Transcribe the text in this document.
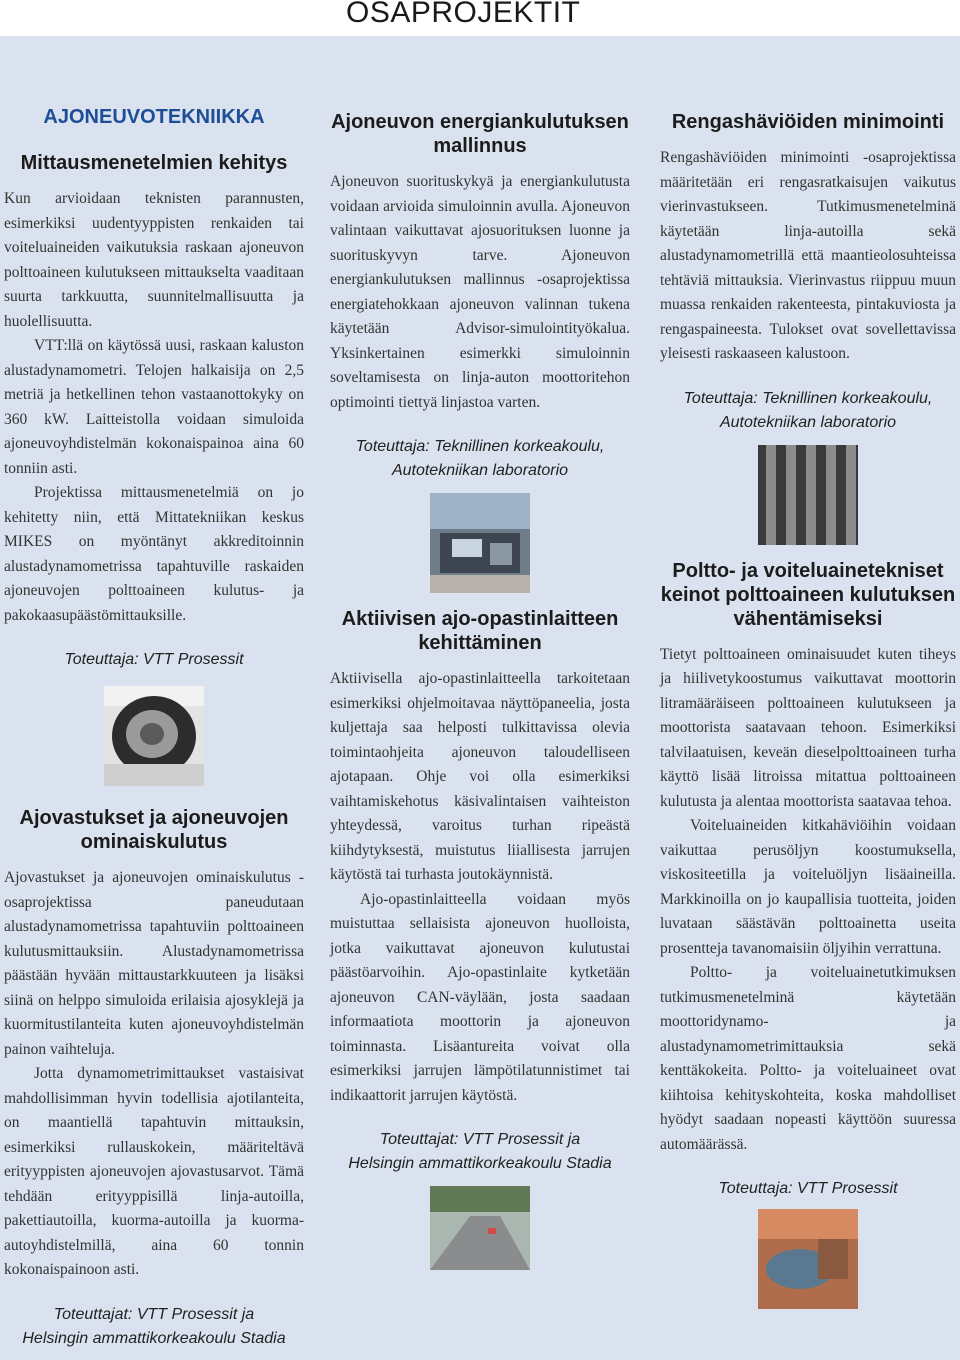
OSAPROJEKTIT
AJONEUVOTEKNIIKKA
Mittausmenetelmien kehitys

Kun arvioidaan teknisten parannusten, esimerkiksi uudentyyppisten renkaiden tai voiteluaineiden vaikutuksia raskaan ajoneuvon polttoaineen kulutukseen mittaukselta vaaditaan suurta tarkkuutta, suunnitelmallisuutta ja huolellisuutta.

VTT:llä on käytössä uusi, raskaan kaluston alustadynamometri. Telojen halkaisija on 2,5 metriä ja hetkellinen tehon vastaanottokyky on 360 kW. Laitteistolla voidaan simuloida ajoneuvoyhdistelmän kokonaispainoa aina 60 tonniin asti.

Projektissa mittausmenetelmiä on jo kehitetty niin, että Mittatekniikan keskus MIKES on myöntänyt akkreditoinnin alustadynamometrissa tapahtuville raskaiden ajoneuvojen polttoaineen kulutus- ja pakokaasupäästömittauksille.

Toteuttaja: VTT Prosessit
Ajovastukset ja ajoneuvojen ominaiskulutus

Ajovastukset ja ajoneuvojen ominaiskulutus -osaprojektissa paneudutaan alustadynamometrissa tapahtuviin polttoaineen kulutusmittauksiin. Alustadynamometrissa päästään hyvään mittaustarkkuuteen ja lisäksi siinä on helppo simuloida erilaisia ajosyklejä ja kuormitustilanteita kuten ajoneuvoyhdistelmän painon vaihteluja.

Jotta dynamometrimittaukset vastaisivat mahdollisimman hyvin todellisia ajotilanteita, on maantiellä tapahtuvin mittauksin, esimerkiksi rullauskokein, määriteltävä erityyppisten ajoneuvojen ajovastusarvot. Tämä tehdään erityyppisillä linja-autoilla, pakettiautoilla, kuorma-autoilla ja kuorma-autoyhdistelmillä, aina 60 tonnin kokonaispainoon asti.

Toteuttajat: VTT Prosessit ja
Helsingin ammattikorkeakoulu Stadia
Ajoneuvon energiankulutuksen mallinnus

Ajoneuvon suorituskykyä ja energiankulutusta voidaan arvioida simuloinnin avulla. Ajoneuvon valintaan vaikuttavat ajosuorituksen luonne ja suorituskyvyn tarve. Ajoneuvon energiankulutuksen mallinnus -osaprojektissa energiatehokkaan ajoneuvon valinnan tukena käytetään Advisor-simulointityökalua. Yksinkertainen esimerkki simuloinnin soveltamisesta on linja-auton moottoritehon optimointi tiettyä linjastoa varten.

Toteuttaja: Teknillinen korkeakoulu,
Autotekniikan laboratorio
Aktiivisen ajo-opastinlaitteen kehittäminen

Aktiivisella ajo-opastinlaitteella tarkoitetaan esimerkiksi ohjelmoitavaa näyttöpaneelia, josta kuljettaja saa helposti tulkittavissa olevia toimintaohjeita ajoneuvon taloudelliseen ajotapaan. Ohje voi olla esimerkiksi vaihtamiskehotus käsivalintaisen vaihteiston yhteydessä, varoitus turhan ripeästä kiihdytyksestä, muistutus liiallisesta jarrujen käytöstä tai turhasta joutokäynnistä.

Ajo-opastinlaitteella voidaan myös muistuttaa sellaisista ajoneuvon huolloista, jotka vaikuttavat ajoneuvon kulutustai päästöarvoihin. Ajo-opastinlaite kytketään ajoneuvon CAN-väylään, josta saadaan informaatiota moottorin ja ajoneuvon toiminnasta. Lisäantureita voivat olla esimerkiksi jarrujen lämpötilatunnistimet tai indikaattorit jarrujen käytöstä.

Toteuttajat: VTT Prosessit ja
Helsingin ammattikorkeakoulu Stadia
Rengashäviöiden minimointi

Rengashäviöiden minimointi -osaprojektissa määritetään eri rengasratkaisujen vaikutus vierinvastukseen. Tutkimusmenetelminä käytetään linja-autoilla sekä alustadynamometrillä että maantieolosuhteissa tehtäviä mittauksia. Vierinvastus riippuu muun muassa renkaiden rakenteesta, pintakuviosta ja rengaspaineesta. Tulokset ovat sovellettavissa yleisesti raskaaseen kalustoon.

Toteuttaja: Teknillinen korkeakoulu,
Autotekniikan laboratorio
Poltto- ja voiteluainetekniset keinot polttoaineen kulutuksen vähentämiseksi

Tietyt polttoaineen ominaisuudet kuten tiheys ja hiilivetykoostumus vaikuttavat moottorin litramääräiseen polttoaineen kulutukseen ja moottorista saatavaan tehoon. Esimerkiksi talvilaatuisen, keveän dieselpolttoaineen turha käyttö lisää litroissa mitattua polttoaineen kulutusta ja alentaa moottorista saatavaa tehoa.

Voiteluaineiden kitkahäviöihin voidaan vaikuttaa perusöljyn koostumuksella, viskositeetilla ja voiteluöljyn lisäaineilla. Markkinoilla on jo kaupallisia tuotteita, joiden luvataan säästävän polttoainetta useita prosentteja tavanomaisiin öljyihin verrattuna.

Poltto- ja voiteluainetutkimuksen tutkimusmenetelminä käytetään moottoridynamo- ja alustadynamometrimittauksia sekä kenttäkokeita. Poltto- ja voiteluaineet ovat kiihtoisa kehityskohteita, koska mahdolliset hyödyt saadaan nopeasti käyttöön suuressa automäärässä.

Toteuttaja: VTT Prosessit
